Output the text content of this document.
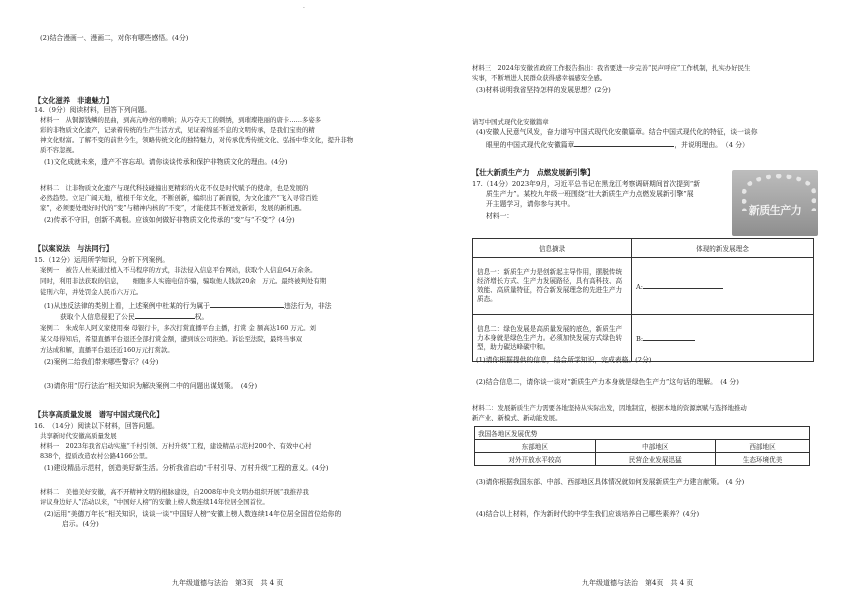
.
(2)结合漫画一、漫画二，对你有哪些感悟。(4分)
【文化滋养　非遗魅力】
14.（9分）阅读材料，回答下列问题。
材料一　从铜源钱鳞的昆曲，到高亢峥亮的唢呐；从巧夺天工的刺绣，到璀璨艳丽的唐卡……多姿多
彩的非物质文化遗产，记录着传统的生产生活方式，见证着绵延不息的文明传承，是我们宝贵的精
神文化财富。了解不变的前世今生，领略传统文化的独特魅力，对传承优秀传统文化、弘扬中华文化，提升非物
质不容忽视。
(1)文化成就未来，遗产不容忘却。请你谈谈传承和保护非物质文化的理由。(4分)
材料二　让非物质文化遗产与现代科技碰撞出更精彩的火花不仅是时代赋予的使命，也是发展的
必然趋势。立足广阔天地，植根千年文化，不断创新，编织出了新面貌，为文化遗产“飞入寻常百姓
家”，必须要处理好时代的“变”与精神内核的“不变”，才能使其不断迸发新彩，发展的新机遇。
(2)传承不守旧，创新不离根。应该如何做好非物质文化传承的“变”与“不变”？(4分)
【以案说法　与法同行】
15.（12分）运用所学知识，分析下列案例。
案例一　被告人杜某通过植入不马程序的方式，非法侵入信息平台网站，获取个人信息64万余条。
同时，利用非法获取的信息，　　细胞多人实施电信诈骗，骗取他人钱款20余　万元。最终被判处有期
徒刑六年，并处罚金人民币六万元。
(1)从违反法律的类别上看，上述案例中杜某的行为属于	违法行为，非法
获取个人信息侵犯了公民	权。
案例二　朱成年人阿义家使用秦 母银行卡，多次打赏直播平台主播，打赏 金 额高达160 万元。刘
某父母得知后，希望直播平台退还全部打赏金额，遭到该公司拒绝。诉讼至法院，最终当事双
方达成和解，直播平台退还近160万元打赏款。
(2)案例二给我们带来哪些警示？(4分)
(3)请你用“厉行法治”相关知识为解决案例二中的问题出谋划策。　(4分)
【共享高质量发展　谱写中国式现代化】
16.　（14分）阅读以下材料，回答问题。
共享新时代安徽高质量发展
材料一　2023年我省启动实施“千村引领、万村升级”工程，建设精品示范村200个、有效中心村
838个，提质改造农村公路4166公里。
(1)建设精品示范村，创造美好新生活。分析我省启动“千村引导、万村升级”工程的意义。(4分)
材料二　美德美好安徽，高不开精神文明的根脉建设，自2008年中央文明办组织开展“我推荐我
评议身边好人”活动以来，“中国好人榜”的安徽上榜人数连续14年位居全国首位。
(2)运用“美德万年长”相关知识，谈谈一谈“中国好人榜”安徽上榜人数连续14年位居全国首位给你的
启示。(4分)
九年级道德与法治　第3页　共 4 页
材料三　2024年安徽省政府工作报告指出：我省要进一步完善“民声呼应”工作机制，扎实办好民生
实事，不断增进人民群众获得感幸福感安全感。
(3)材料说明我省坚持怎样的发展思想？(2分)
请写中国式现代化安徽篇章
(4)安徽人民意气风发，奋力谱写中国式现代化安徽篇章。结合中国式现代化的特征，谈一谈你
眼里的中国式现代化安徽篇章	，并说明理由。　（4 分）
【壮大新质生产力　点燃发展新引擎】
17.（14分）2023年9月，习近平总书记在黑龙江考察调研期间首次提到“新
质生产力”。某校九年级一班围绕“壮大新质生产力点燃发展新引擎”展
开主题学习，请你参与其中。
材料一：
信息摘录	体现的新发展理念
信息一：新质生产力是创新起主导作用，摆脱传统经济增长方式、生产力发展路径，具有高科技、高效能、高质量特征，符合新发展理念的先进生产力质态。	A:
信息二：绿色发展是高质量发展的底色，新质生产力本身就是绿色生产力。必须加快发展方式绿色转型，助力碳达峰碳中和。	B:
(1)请你根据提供的信息，结合所学知识，完成表格。(2分)
(2)结合信息二，请你谈一谈对“新质生产力本身就是绿色生产力”这句话的理解。　(4 分)
材料二：发展新质生产力需要各地坚持从实际出发，因地制宜，根据本地的资源禀赋与选择地推动
新产业、新模式、新动能发展。
我国各地区发展优势		
东部地区	中部地区	西部地区
对外开放水平较高	民营企业发展迅猛	生态环境优美
(3)请你根据我国东部、中部、西部地区具体情况就如何发展新质生产力建言献策。 (4 分)
(4)结合以上材料，作为新时代的中学生我们应该培养自己哪些素养？(4分)
九年级道德与法治　第4页　共 4 页
新质生产力
